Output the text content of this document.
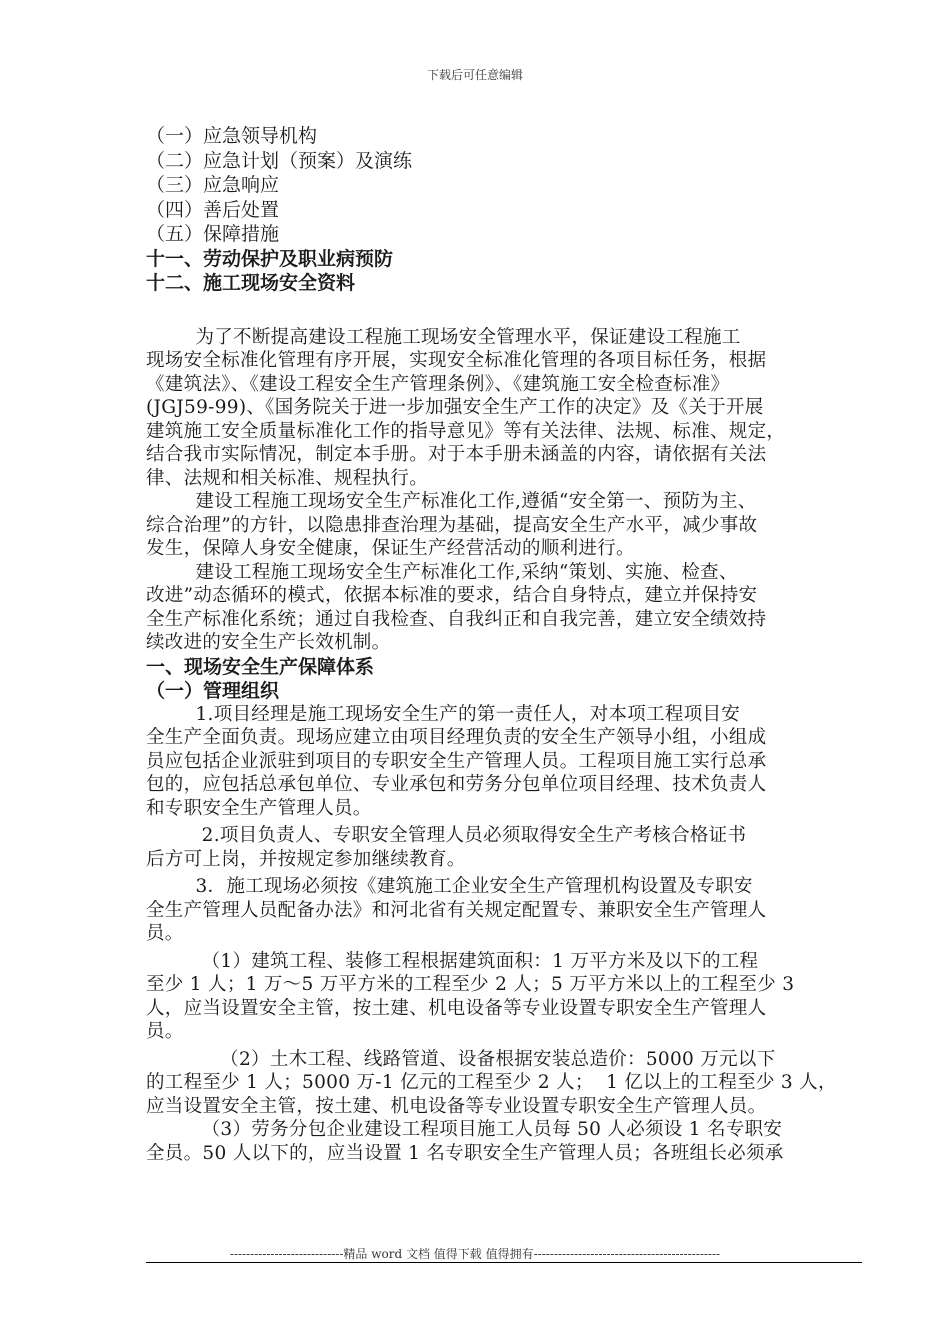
下载后可任意编辑
（一）应急领导机构
（二）应急计划（预案）及演练
（三）应急响应
（四）善后处置
（五）保障措施
十一、劳动保护及职业病预防
十二、施工现场安全资料
为了不断提高建设工程施工现场安全管理水平，保证建设工程施工
现场安全标准化管理有序开展，实现安全标准化管理的各项目标任务，根据
《建筑法》、《建设工程安全生产管理条例》、《建筑施工安全检查标准》
(JGJ59-99)、《国务院关于进一步加强安全生产工作的决定》及《关于开展
建筑施工安全质量标准化工作的指导意见》等有关法律、法规、标准、规定，
结合我市实际情况，制定本手册。对于本手册未涵盖的内容，请依据有关法
律、法规和相关标准、规程执行。
建设工程施工现场安全生产标准化工作,遵循“安全第一、预防为主、
综合治理”的方针，以隐患排查治理为基础，提高安全生产水平，减少事故
发生，保障人身安全健康，保证生产经营活动的顺利进行。
建设工程施工现场安全生产标准化工作,采纳“策划、实施、检查、
改进”动态循环的模式，依据本标准的要求，结合自身特点，建立并保持安
全生产标准化系统；通过自我检查、自我纠正和自我完善，建立安全绩效持
续改进的安全生产长效机制。
一、现场安全生产保障体系
（一）管理组织
1.项目经理是施工现场安全生产的第一责任人，对本项工程项目安
全生产全面负责。现场应建立由项目经理负责的安全生产领导小组，小组成
员应包括企业派驻到项目的专职安全生产管理人员。工程项目施工实行总承
包的，应包括总承包单位、专业承包和劳务分包单位项目经理、技术负责人
和专职安全生产管理人员。
2.项目负责人、专职安全管理人员必须取得安全生产考核合格证书
后方可上岗，并按规定参加继续教育。
3．施工现场必须按《建筑施工企业安全生产管理机构设置及专职安
全生产管理人员配备办法》和河北省有关规定配置专、兼职安全生产管理人
员。
（1）建筑工程、装修工程根据建筑面积：1 万平方米及以下的工程
至少 1 人；1 万～5 万平方米的工程至少 2 人；5 万平方米以上的工程至少 3
人，应当设置安全主管，按土建、机电设备等专业设置专职安全生产管理人
员。
（2）土木工程、线路管道、设备根据安装总造价：5000 万元以下
的工程至少 1 人；5000 万-1 亿元的工程至少 2 人；  1 亿以上的工程至少 3 人，
应当设置安全主管，按土建、机电设备等专业设置专职安全生产管理人员。
（3）劳务分包企业建设工程项目施工人员每 50 人必须设 1 名专职安
全员。50 人以下的，应当设置 1 名专职安全生产管理人员；各班组长必须承
----------------------------精品 word 文档 值得下载 值得拥有----------------------------------------------
